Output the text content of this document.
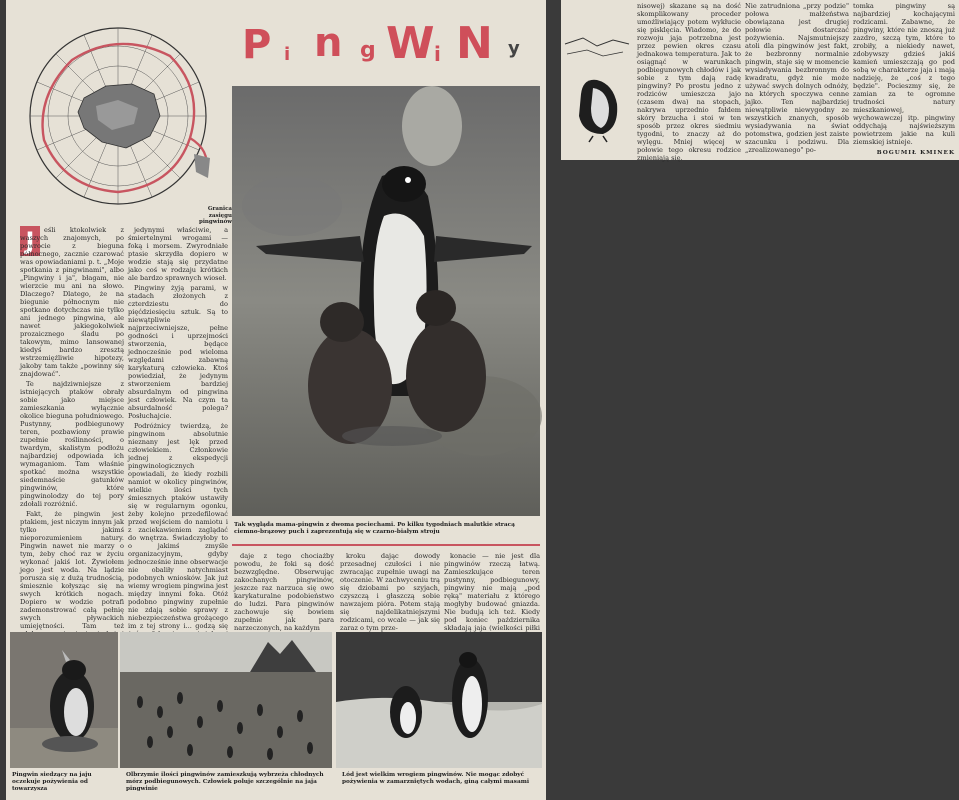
Granica zasięgu pingwinów
P i n g W i N y
Tak wygląda mama-pingwin z dwoma pociechami. Po kilku tygodniach malutkie stracą ciemno-brązowy puch i zaprezentują się w czarno-białym stroju
J	eśli ktokolwiek z waszych znajomych, po powrocie z bieguna północnego, zacznie czarować was opowiadaniami p. t. „Moje spotkania z pingwinami", albo „Pingwiny i ja", błagam, nie wierzcie mu ani na słowo. Dlaczego? Dlatego, że na biegunie północnym nie spotkano dotychczas nie tylko ani jednego pingwina, ale nawet jakiegokolwiek prozaicznego śladu po takowym, mimo lansowanej kiedyś bardzo zresztą wstrzemięźliwie hipotezy, jakoby tam także „powinny się znajdować".

Te najdziwniejsze z istniejących ptaków obrały sobie jako miejsce zamieszkania wyłącznie okolice bieguna południowego. Pustynny, podbiegunowy teren, pozbawiony prawie zupełnie roślinności, o twardym, skalistym podłożu najbardziej odpowiada ich wymaganiom. Tam właśnie spotkać można wszystkie siedemnaście gatunków pingwinów, które pingwinolodzy do tej pory zdołali rozróżnić.

Fakt, że pingwin jest ptakiem, jest niczym innym jak tylko jakimś nieporozumieniem natury. Pingwin nawet nie marzy o tym, żeby choć raz w życiu wykonać jakiś lot. Żywiołem jego jest woda. Na lądzie porusza się z dużą trudnością, śmiesznie kołysząc się na swych krótkich nogach. Dopiero w wodzie potrafi zademonstrować całą pełnię swych pływackich umiejętności. Tam też

jedynymi właściwie, a śmiertelnymi wrogami — foką i morsem. Zwyrodniałe ptasie skrzydła dopiero w wodzie stają się przydatne jako coś w rodzaju krótkich ale bardzo sprawnych wioseł.

Pingwiny żyją parami, w stadach złożonych z czterdziestu do pięćdziesięciu sztuk. Są to niewątpliwie najprzeciwniejsze, pełne godności i uprzejmości stworzenia, będące jednocześnie pod wieloma względami zabawną karykaturą człowieka. Ktoś powiedział, że jedynym stworzeniem bardziej absurdalnym od pingwina jest człowiek. Na czym ta absurdalność polega? Posłuchajcie.

Podróżnicy twierdzą, że pingwinom absolutnie nieznany jest lęk przed człowiekiem. Członkowie jednej z ekspedycji pingwinologicznych opowiadali, że kiedy rozbili namiot w okolicy pingwinów, wielkie ilości tych śmiesznych ptaków ustawiły się w regularnym ogonku, żeby kolejno przedefilować przed wejściem do namiotu i z zaciekawieniem zaglądać do wnętrza. Świadczyłoby to o jakimś zmyśle organizacyjnym, gdyby jednocześnie inne obserwacje nie obaliły natychmiast podobnych wniosków. Jak już wiemy wrogiem pingwina jest między innymi foka. Otóż podobno pingwiny zupełnie nie zdają sobie sprawy z niebezpieczeństwa grożącego im z tej strony i... godzą się

daje z tego chociażby powodu, że foki są dość bezwzględne. Obserwując zakochanych pingwinów, jeszcze raz narzuca się owo karykaturalne podobieństwo do ludzi. Para pingwinów zachowuje się bowiem zupełnie jak para narzeczonych, na każdym

kroku dając dowody przesadnej czułości i nie zwracając zupełnie uwagi na otoczenie. W zachwyceniu trą się dziobami po szyjach, czyszczą i głaszczą sobie nawzajem pióra. Potem stają się najdelikatniejszymi rodzicami, co wcale — jak się zaraz o tym prze-

konacie — nie jest dla pingwinów rzeczą łatwą. Zamieszkujące teren pustynny, podbiegunowy, pingwiny nie mają „pod ręką" materiału z którego mogłyby budować gniazda. Nie budują ich też. Kiedy pod koniec października składają jaja (wielkości piłki

Pingwin siedzący na jaju oczekuje pożywienia od towarzysza
Olbrzymie ilości pingwinów zamieszkują wybrzeża chłodnych mórz podbiegunowych. Człowiek poluje szczególnie na jaja pingwinie
Lód jest wielkim wrogiem pingwinów. Nie mogąc zdobyć pożywienia w zamarzniętych wodach, giną całymi masami

nisowej) skazane są na dość skomplikowany proceder umożliwiający potem wykłucie się pisklęcia. Wiadomo, że do rozwoju jaja potrzebna jest przez pewien okres czasu jednakowa temperatura. Jak to osiągnąć w warunkach podbiegunowych chłodów i jak sobie z tym dają radę pingwiny? Po prostu jedno z rodziców umieszcza jajo (czasem dwa) na stopach, nakrywa uprzednio fałdem skóry brzucha i stoi w ten sposób przez okres siedmiu tygodni, to znaczy aż do wylęgu. Mniej więcej w połowie tego okresu rodzice zmieniają się.

Nie zatrudniona „przy podzie" połowa małżeństwa obowiązana jest drugiej połowie dostarczać pożywienia. Najsmutniejszy atoli dla pingwinów jest fakt, że bezbronny normalnie pingwin, staje się w momencie wysiadywania bezbronnym do kwadratu, gdyż nie może używać swych dolnych odnóży, na których spoczywa cenne jajko. Ten najbardziej niewątpliwie niewygodny ze wszystkich znanych, sposób wysiadywania na świat potomstwa, godzien jest zaiste szacunku i podziwu. Dla „zrealizowanego" po-

tomka pingwiny są najbardziej kochającymi rodzicami. Zabawne, że pingwiny, które nie znoszą już zazdro, szczą tym, które to zrobiły, a niekiedy nawet, zdobywszy gdzieś jakiś kamień umieszczają go pod sobą w charakterze jaja i mają nadzieję, że „coś z tego będzie". Pocieszmy się, że zamian za te ogromne trudności natury mieszkaniowej, wychowawczej itp. pingwiny oddychają najświeższym powietrzem jakie na kuli ziemskiej istnieje.

BOGUMIŁ KMINEK
